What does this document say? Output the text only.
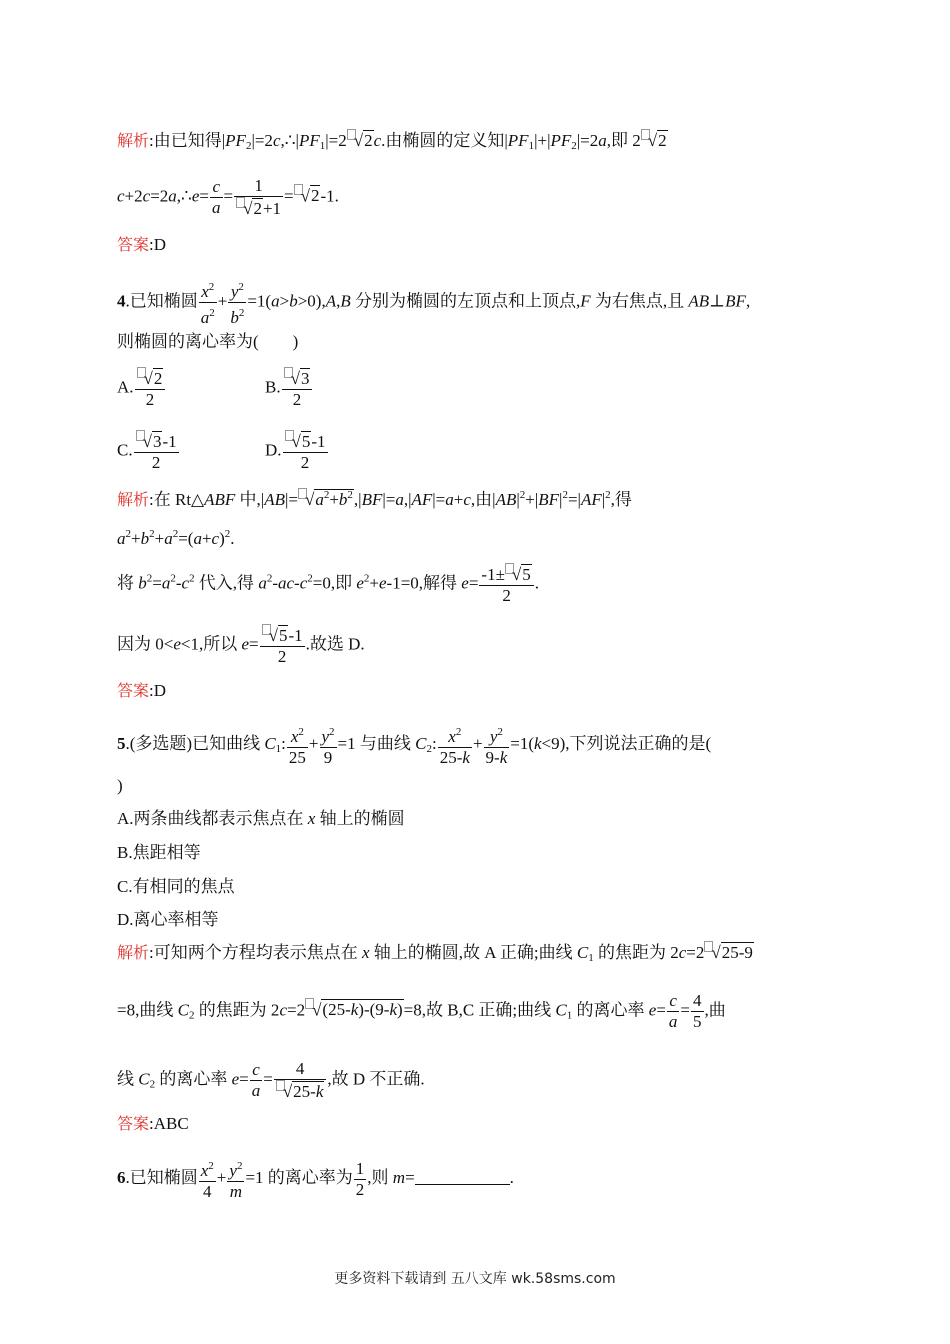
解析:由已知得$|PF_2|=2c,\therefore|PF_1|=2$ √2c.由椭圆的定义知$|PF_1|+|PF_2|=2a$,即 2 √2
c+2c=2a,∴e= $\frac{c}{a} = \frac{1}{√2+1} = √2-1$.
答案:D
4.已知椭圆 $\frac{x^2}{a^2} + \frac{y^2}{b^2} =1(a>b>0),A,B$ 分别为椭圆的左顶点和上顶点,F 为右焦点,且 AB⊥BF,
则椭圆的离心率为(　　)
A. $\frac{√2}{2}$	B. $\frac{√3}{2}$
C. $\frac{√3-1}{2}$	D. $\frac{√5-1}{2}$
解析:在 Rt△ABF 中$,|AB|= √a^2+b^2,|BF|=a,|AF|=a+c$,由$|AB|^2+|BF|^2=|AF|^2$,得
$a^2+b^2+a^2=(a+c)^2$.
将 $b^2=a^2-c^2$ 代入,得 $a^2-ac-c^2=0$,即 $e^2+e-1=0$,解得 $e= \frac{-1\pm √5}{2}$ .
因为 0<e<1,所以 $e= \frac{√5-1}{2}$ .故选 D.
答案:D
5.(多选题)已知曲线 $C_1$: $\frac{x^2}{25} + \frac{y^2}{9} =1$ 与曲线 $C_2$: $\frac{x^2}{25-k} + \frac{y^2}{9-k} =1(k<9)$,下列说法正确的是(
)
A.两条曲线都表示焦点在 x 轴上的椭圆
B.焦距相等
C.有相同的焦点
D.离心率相等
解析:可知两个方程均表示焦点在 x 轴上的椭圆,故 A 正确;曲线 $C_1$ 的焦距为 2c=2 √25-9
=8,曲线 $C_2$ 的焦距为 2c=2 √(25-k)-(9-k)=8,故 B,C 正确;曲线 $C_1$ 的离心率 $e= \frac{c}{a} = \frac{4}{5}$ ,曲
线 $C_2$ 的离心率 $e= \frac{c}{a} = \frac{4}{√25-k}$ ,故 D 不正确.
答案:ABC
6.已知椭圆 $\frac{x^2}{4} + \frac{y^2}{m} =1$ 的离心率为 $\frac{1}{2}$ ,则 m=	.
更多资料下载请到 五八文库 wk.58sms.com
